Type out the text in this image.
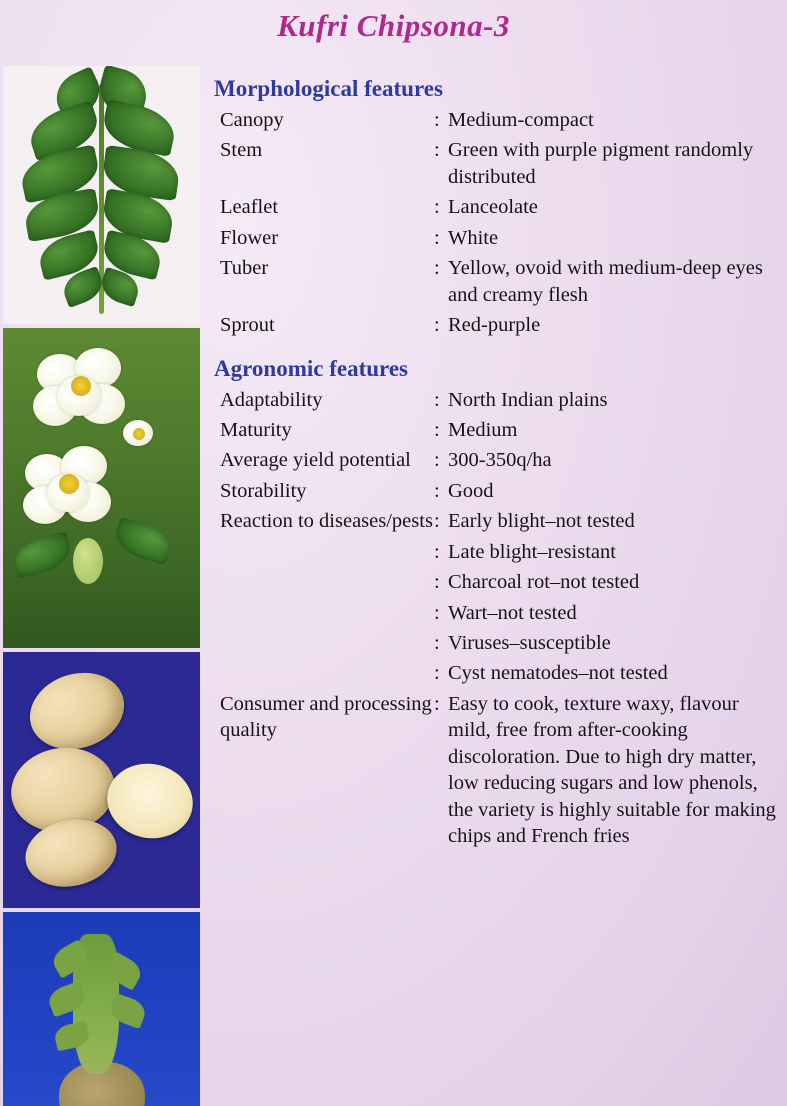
Kufri Chipsona-3
Morphological features
Canopy	:	Medium-compact
Stem	:	Green with purple pigment randomly distributed
Leaflet	:	Lanceolate
Flower	:	White
Tuber	:	Yellow, ovoid with medium-deep eyes and creamy flesh
Sprout	:	Red-purple
Agronomic features
Adaptability	:	North Indian plains
Maturity	:	Medium
Average yield potential	:	300-350q/ha
Storability	:	Good
Reaction to diseases/pests	:	Early blight–not tested
	:	Late blight–resistant
	:	Charcoal rot–not tested
	:	Wart–not tested
	:	Viruses–susceptible
	:	Cyst nematodes–not tested
Consumer and processing quality	:	Easy to cook, texture waxy, flavour mild, free from after-cooking discoloration. Due to high dry matter, low reducing sugars and low phenols, the variety is highly suitable for making chips and French fries
